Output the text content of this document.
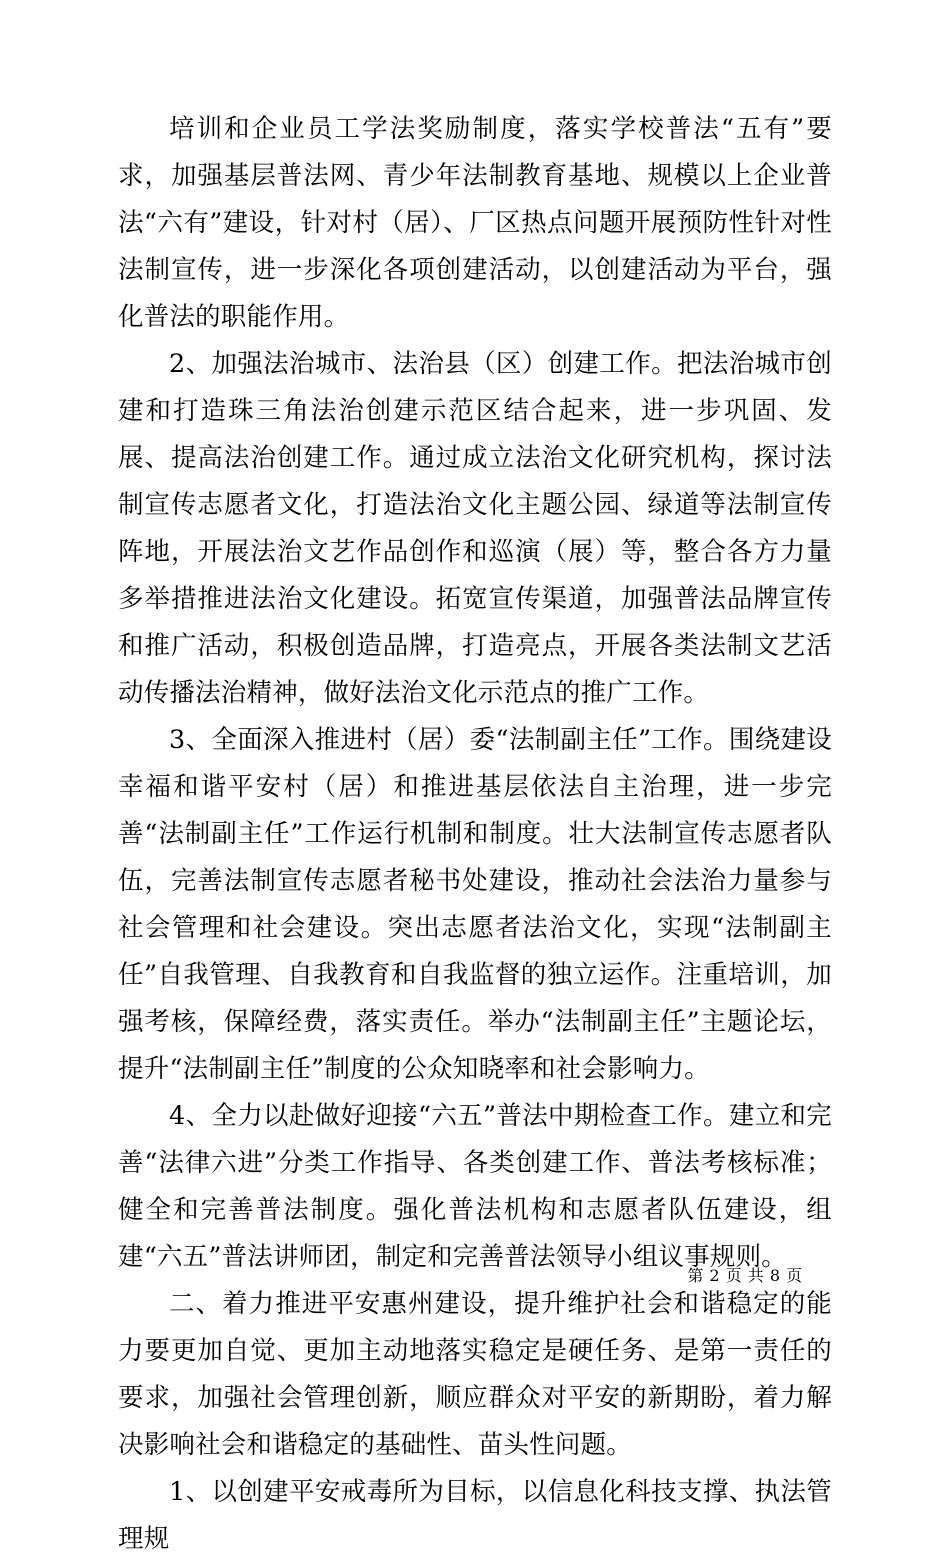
培训和企业员工学法奖励制度，落实学校普法“五有”要求，加强基层普法网、青少年法制教育基地、规模以上企业普法“六有”建设，针对村（居）、厂区热点问题开展预防性针对性法制宣传，进一步深化各项创建活动，以创建活动为平台，强化普法的职能作用。

2、加强法治城市、法治县（区）创建工作。把法治城市创建和打造珠三角法治创建示范区结合起来，进一步巩固、发展、提高法治创建工作。通过成立法治文化研究机构，探讨法制宣传志愿者文化，打造法治文化主题公园、绿道等法制宣传阵地，开展法治文艺作品创作和巡演（展）等，整合各方力量多举措推进法治文化建设。拓宽宣传渠道，加强普法品牌宣传和推广活动，积极创造品牌，打造亮点，开展各类法制文艺活动传播法治精神，做好法治文化示范点的推广工作。

3、全面深入推进村（居）委“法制副主任”工作。围绕建设幸福和谐平安村（居）和推进基层依法自主治理，进一步完善“法制副主任”工作运行机制和制度。壮大法制宣传志愿者队伍，完善法制宣传志愿者秘书处建设，推动社会法治力量参与社会管理和社会建设。突出志愿者法治文化，实现“法制副主任”自我管理、自我教育和自我监督的独立运作。注重培训，加强考核，保障经费，落实责任。举办“法制副主任”主题论坛，提升“法制副主任”制度的公众知晓率和社会影响力。

4、全力以赴做好迎接“六五”普法中期检查工作。建立和完善“法律六进”分类工作指导、各类创建工作、普法考核标准；健全和完善普法制度。强化普法机构和志愿者队伍建设，组建“六五”普法讲师团，制定和完善普法领导小组议事规则。

二、着力推进平安惠州建设，提升维护社会和谐稳定的能力要更加自觉、更加主动地落实稳定是硬任务、是第一责任的要求，加强社会管理创新，顺应群众对平安的新期盼，着力解决影响社会和谐稳定的基础性、苗头性问题。

1、以创建平安戒毒所为目标，以信息化科技支撑、执法管理规

第 2 页 共 8 页
